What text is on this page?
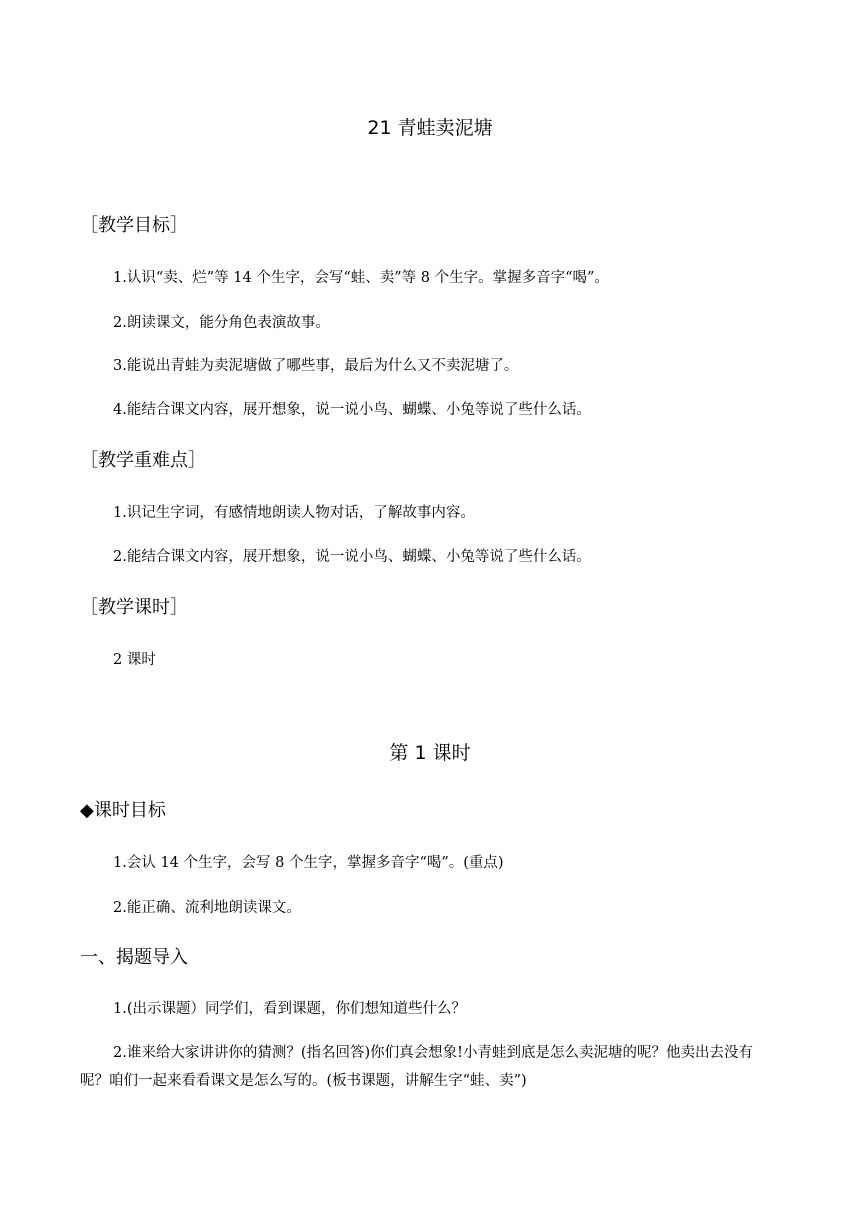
21 青蛙卖泥塘
［教学目标］
1.认识“卖、烂”等 14 个生字，会写“蛙、卖”等 8 个生字。掌握多音字“喝”。
2.朗读课文，能分角色表演故事。
3.能说出青蛙为卖泥塘做了哪些事，最后为什么又不卖泥塘了。
4.能结合课文内容，展开想象，说一说小鸟、蝴蝶、小兔等说了些什么话。
［教学重难点］
1.识记生字词，有感情地朗读人物对话，了解故事内容。
2.能结合课文内容，展开想象，说一说小鸟、蝴蝶、小兔等说了些什么话。
［教学课时］
2 课时
第 1 课时
◆课时目标
1.会认 14 个生字，会写 8 个生字，掌握多音字“喝”。(重点)
2.能正确、流利地朗读课文。
一、揭题导入
1.(出示课题）同学们，看到课题，你们想知道些什么？
2.谁来给大家讲讲你的猜测？(指名回答)你们真会想象!小青蛙到底是怎么卖泥塘的呢？他卖出去没有呢？咱们一起来看看课文是怎么写的。(板书课题，讲解生字“蛙、卖”)
